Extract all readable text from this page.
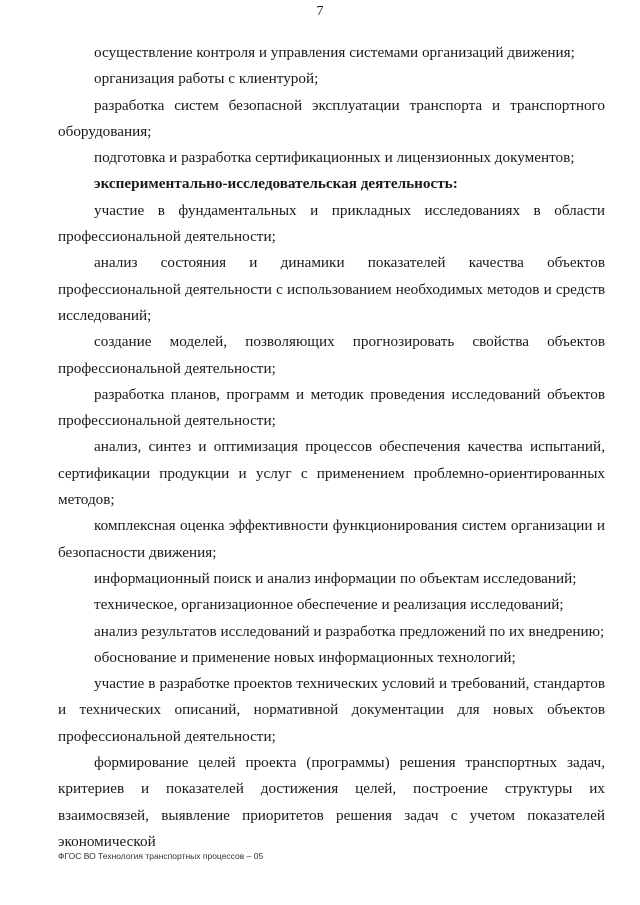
7

осуществление контроля и управления системами организаций движения;

организация работы с клиентурой;

разработка систем безопасной эксплуатации транспорта и транспортного оборудования;

подготовка и разработка сертификационных и лицензионных документов;

экспериментально-исследовательская деятельность:

участие в фундаментальных и прикладных исследованиях в области профессиональной деятельности;

анализ состояния и динамики показателей качества объектов профессиональной деятельности с использованием необходимых методов и средств исследований;

создание моделей, позволяющих прогнозировать свойства объектов профессиональной деятельности;

разработка планов, программ и методик проведения исследований объектов профессиональной деятельности;

анализ, синтез и оптимизация процессов обеспечения качества испытаний, сертификации продукции и услуг с применением проблемно-ориентированных методов;

комплексная оценка эффективности функционирования систем организации и безопасности движения;

информационный поиск и анализ информации по объектам исследований;

техническое, организационное обеспечение и реализация исследований;

анализ результатов исследований и разработка предложений по их внедрению;

обоснование и применение новых информационных технологий;

участие в разработке проектов технических условий и требований, стандартов и технических описаний, нормативной документации для новых объектов профессиональной деятельности;

формирование целей проекта (программы) решения транспортных задач, критериев и показателей достижения целей, построение структуры их взаимосвязей, выявление приоритетов решения задач с учетом показателей экономической

ФГОС ВО Технология транспортных процессов – 05
